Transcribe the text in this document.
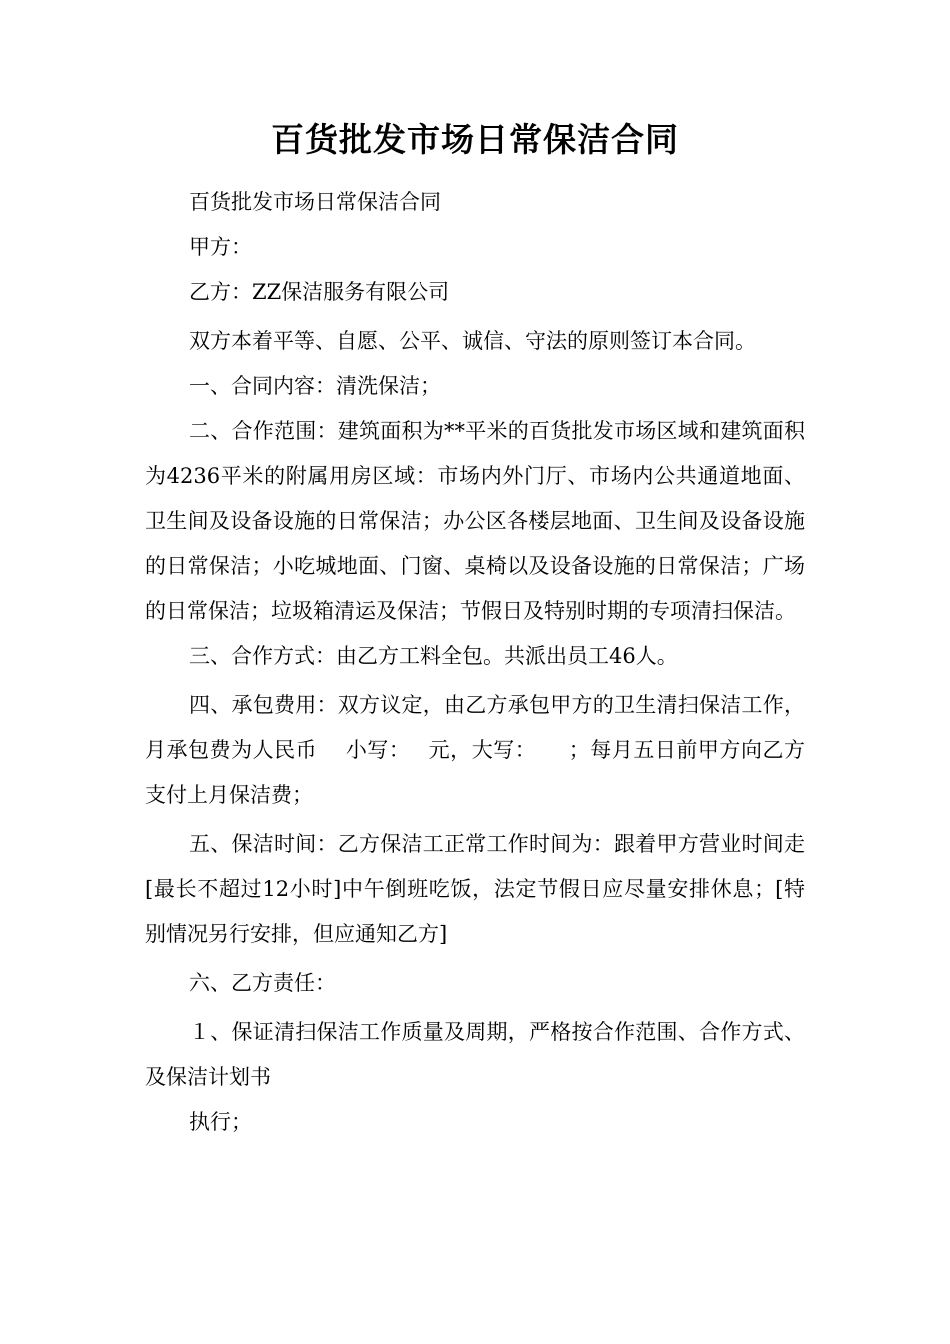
百货批发市场日常保洁合同

百货批发市场日常保洁合同

甲方：

乙方：ZZ保洁服务有限公司

双方本着平等、自愿、公平、诚信、守法的原则签订本合同。

一、合同内容：清洗保洁；

二、合作范围：建筑面积为**平米的百货批发市场区域和建筑面积为4236平米的附属用房区域：市场内外门厅、市场内公共通道地面、卫生间及设备设施的日常保洁；办公区各楼层地面、卫生间及设备设施的日常保洁；小吃城地面、门窗、桌椅以及设备设施的日常保洁；广场的日常保洁；垃圾箱清运及保洁；节假日及特别时期的专项清扫保洁。

三、合作方式：由乙方工料全包。共派出员工46人。

四、承包费用：双方议定，由乙方承包甲方的卫生清扫保洁工作，月承包费为人民币　 小写：　 元，大写：　　；每月五日前甲方向乙方支付上月保洁费；

五、保洁时间：乙方保洁工正常工作时间为：跟着甲方营业时间走[最长不超过12小时]中午倒班吃饭，法定节假日应尽量安排休息；[特别情况另行安排，但应通知乙方]

六、乙方责任：

１、保证清扫保洁工作质量及周期，严格按合作范围、合作方式、及保洁计划书

执行；
